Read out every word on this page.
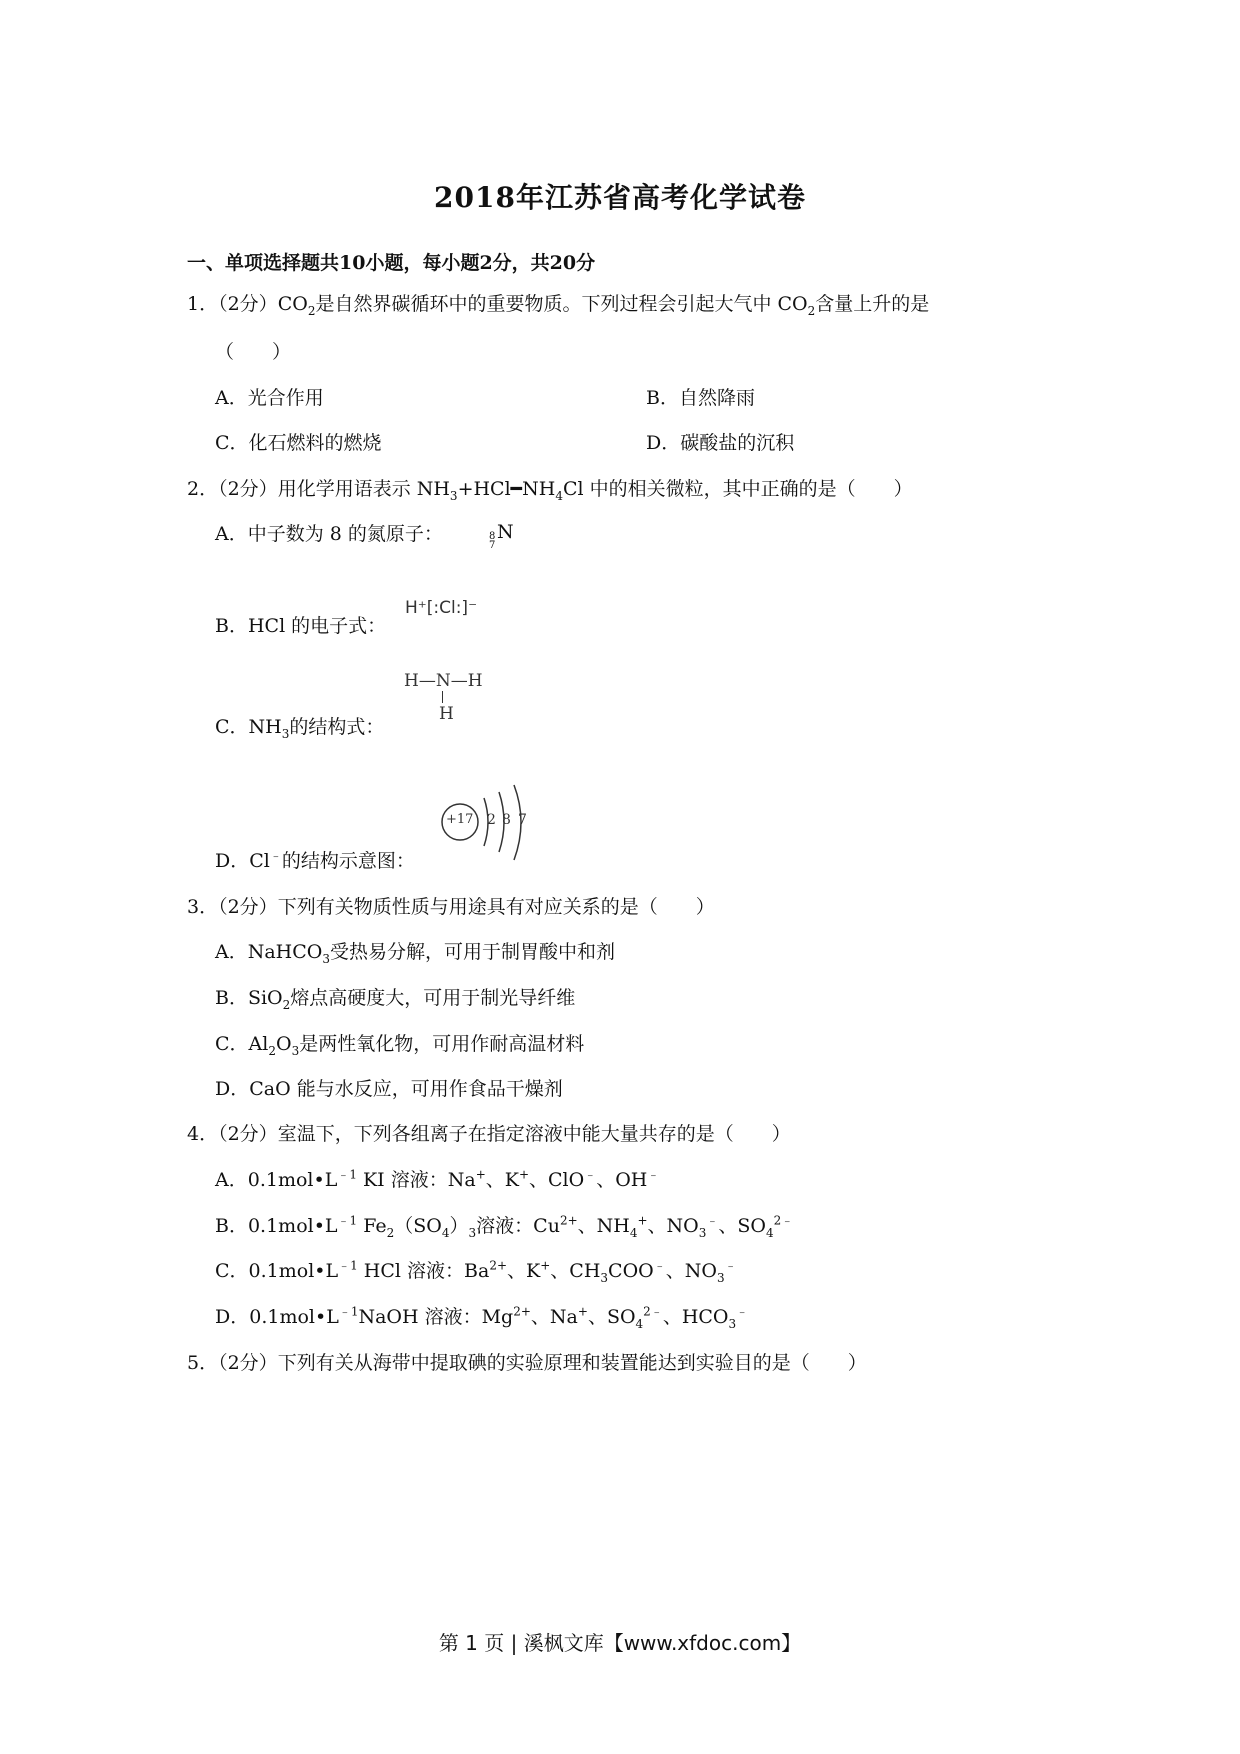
2018年江苏省高考化学试卷
一、单项选择题共10小题，每小题2分，共20分
1．（2分）$CO_2$是自然界碳循环中的重要物质。下列过程会引起大气中 $CO_2$含量上升的是
（　　）
A．光合作用	B．自然降雨
C．化石燃料的燃烧	D．碳酸盐的沉积
2．（2分）用化学用语表示 $NH_3+HCl━NH_4Cl$ 中的相关微粒，其中正确的是（　　）
A．中子数为 8 的氮原子：	8
7
N
B．HCl 的电子式：
H⁺[:Cl:]⁻
C．$NH_3$的结构式：
H—N—H
H
D．Cl﹣的结构示意图：
+17 2 8 7
3．（2分）下列有关物质性质与用途具有对应关系的是（　　）
A．NaHCO$_3$受热易分解，可用于制胃酸中和剂
B．SiO$_2$熔点高硬度大，可用于制光导纤维
C．$Al_2O_3$是两性氧化物，可用作耐高温材料
D．CaO 能与水反应，可用作食品干燥剂
4．（2分）室温下，下列各组离子在指定溶液中能大量共存的是（　　）
A．$0.1mol•L^{﹣1}$ KI 溶液：Na+、K+、ClO﹣、OH﹣
B．$0.1mol•L^{﹣1}$ $Fe_2(SO_4)_3$溶液：$Cu^{2+}$、$NH_4^+$、$NO_3^﹣$、$SO_4^{2﹣}$
C．$0.1mol•L^{﹣1}$ HCl 溶液：$Ba^{2+}$、K+、$CH_3COO^﹣$、$NO_3^﹣$
D．$0.1mol•L^{﹣1}NaOH$ 溶液：$Mg^{2+}$、Na+、$SO_4^{2﹣}$、$HCO_3^﹣$
5．（2分）下列有关从海带中提取碘的实验原理和装置能达到实验目的是（　　）
第 1 页 | 溪枫文库【www.xfdoc.com】
